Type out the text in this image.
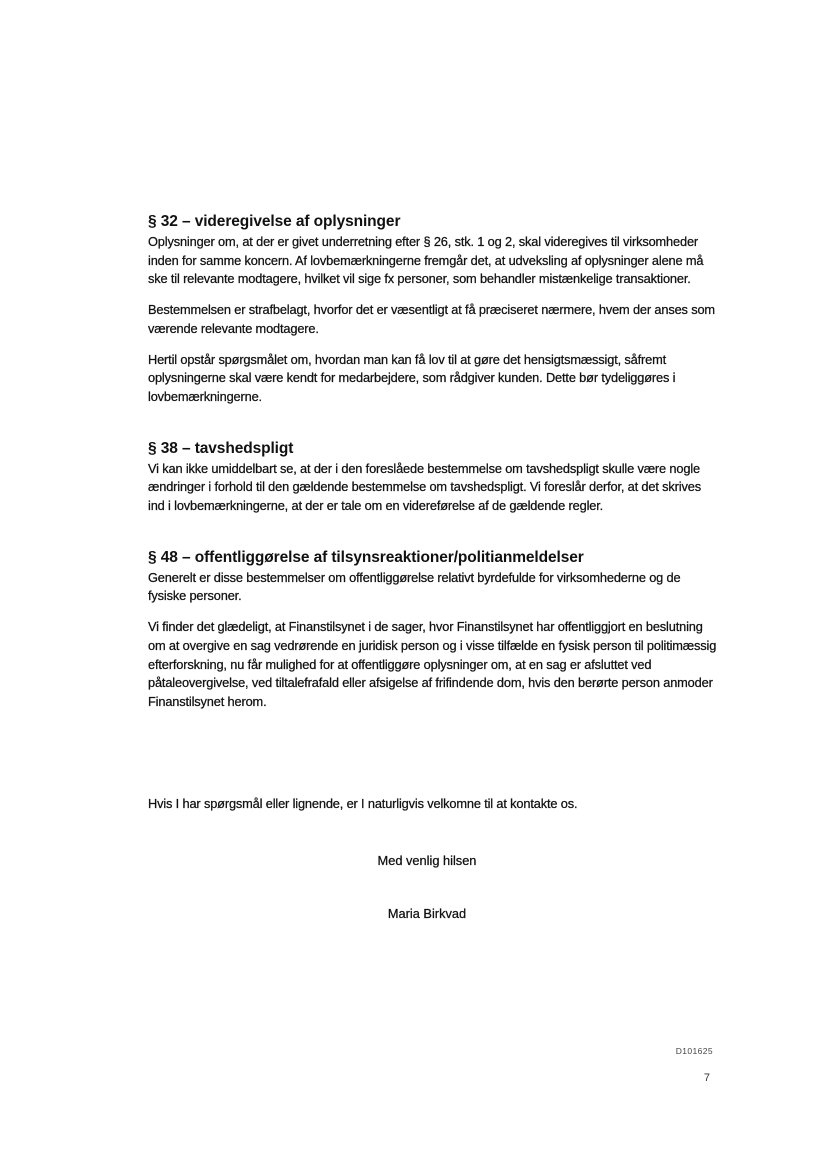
§ 32 – videregivelse af oplysninger

Oplysninger om, at der er givet underretning efter § 26, stk. 1 og 2, skal videregives til virksomheder inden for samme koncern. Af lovbemærkningerne fremgår det, at udveksling af oplysninger alene må ske til relevante modtagere, hvilket vil sige fx personer, som behandler mistænkelige transaktioner.

Bestemmelsen er strafbelagt, hvorfor det er væsentligt at få præciseret nærmere, hvem der anses som værende relevante modtagere.

Hertil opstår spørgsmålet om, hvordan man kan få lov til at gøre det hensigtsmæssigt, såfremt oplysningerne skal være kendt for medarbejdere, som rådgiver kunden. Dette bør tydeliggøres i lovbemærkningerne.

§ 38 – tavshedspligt

Vi kan ikke umiddelbart se, at der i den foreslåede bestemmelse om tavshedspligt skulle være nogle ændringer i forhold til den gældende bestemmelse om tavshedspligt. Vi foreslår derfor, at det skrives ind i lovbemærkningerne, at der er tale om en videreførelse af de gældende regler.

§ 48 – offentliggørelse af tilsynsreaktioner/politianmeldelser

Generelt er disse bestemmelser om offentliggørelse relativt byrdefulde for virksomhederne og de fysiske personer.

Vi finder det glædeligt, at Finanstilsynet i de sager, hvor Finanstilsynet har offentliggjort en beslutning om at overgive en sag vedrørende en juridisk person og i visse tilfælde en fysisk person til politimæssig efterforskning, nu får mulighed for at offentliggøre oplysninger om, at en sag er afsluttet ved påtaleovergivelse, ved tiltalefrafald eller afsigelse af frifindende dom, hvis den berørte person anmoder Finanstilsynet herom.

Hvis I har spørgsmål eller lignende, er I naturligvis velkomne til at kontakte os.

Med venlig hilsen

Maria Birkvad

D101625

7
